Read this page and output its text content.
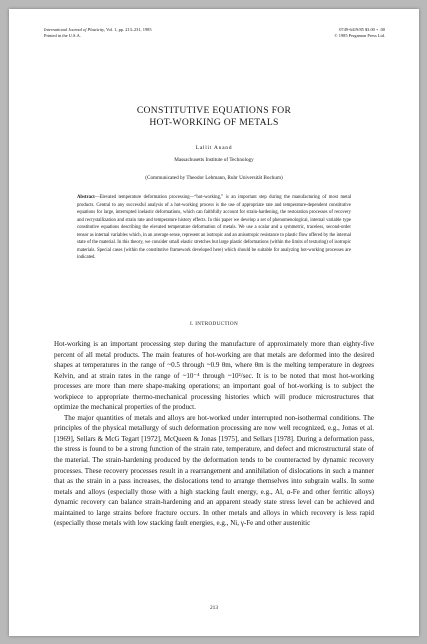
International Journal of Plasticity, Vol. 1, pp. 213–231, 1985
Printed in the U.S.A.
0749-6419/85 $3.00 + .00
© 1985 Pergamon Press Ltd.
CONSTITUTIVE EQUATIONS FOR
HOT-WORKING OF METALS
Lallit Anand
Massachusetts Institute of Technology
(Communicated by Theodor Lehmann, Ruhr Universität Bochum)
Abstract—Elevated temperature deformation processing—“hot-working,” is an important step during the manufacturing of most metal products. Central to any successful analysis of a hot-working process is the use of appropriate rate and temperature-dependent constitutive equations for large, interrupted inelastic deformations, which can faithfully account for strain-hardening, the restoration processes of recovery and recrystallization and strain rate and temperature history effects. In this paper we develop a set of phenomenological, internal variable type constitutive equations describing the elevated temperature deformation of metals. We use a scalar and a symmetric, traceless, second-order tensor as internal variables which, in an average sense, represent an isotropic and an anisotropic resistance to plastic flow offered by the internal state of the material. In this theory, we consider small elastic stretches but large plastic deformations (within the limits of texturing) of isotropic materials. Special cases (within the constitutive framework developed here) which should be suitable for analyzing hot-working processes are indicated.
I. INTRODUCTION

Hot-working is an important processing step during the manufacture of approximately more than eighty-five percent of all metal products. The main features of hot-working are that metals are deformed into the desired shapes at temperatures in the range of ~0.5 through ~0.9 θm, where θm is the melting temperature in degrees Kelvin, and at strain rates in the range of ~10⁻⁴ through ~10²/sec. It is to be noted that most hot-working processes are more than mere shape-making operations; an important goal of hot-working is to subject the workpiece to appropriate thermo-mechanical processing histories which will produce microstructures that optimize the mechanical properties of the product.

The major quantities of metals and alloys are hot-worked under interrupted non-isothermal conditions. The principles of the physical metallurgy of such deformation processing are now well recognized, e.g., Jonas et al. [1969], Sellars & McG Tegart [1972], McQueen & Jonas [1975], and Sellars [1978]. During a deformation pass, the stress is found to be a strong function of the strain rate, temperature, and defect and microstructural state of the material. The strain-hardening produced by the deformation tends to be counteracted by dynamic recovery processes. These recovery processes result in a rearrangement and annihilation of dislocations in such a manner that as the strain in a pass increases, the dislocations tend to arrange themselves into subgrain walls. In some metals and alloys (especially those with a high stacking fault energy, e.g., Al, α-Fe and other ferritic alloys) dynamic recovery can balance strain-hardening and an apparent steady state stress level can be achieved and maintained to large strains before fracture occurs. In other metals and alloys in which recovery is less rapid (especially those metals with low stacking fault energies, e.g., Ni, γ-Fe and other austenitic

213
